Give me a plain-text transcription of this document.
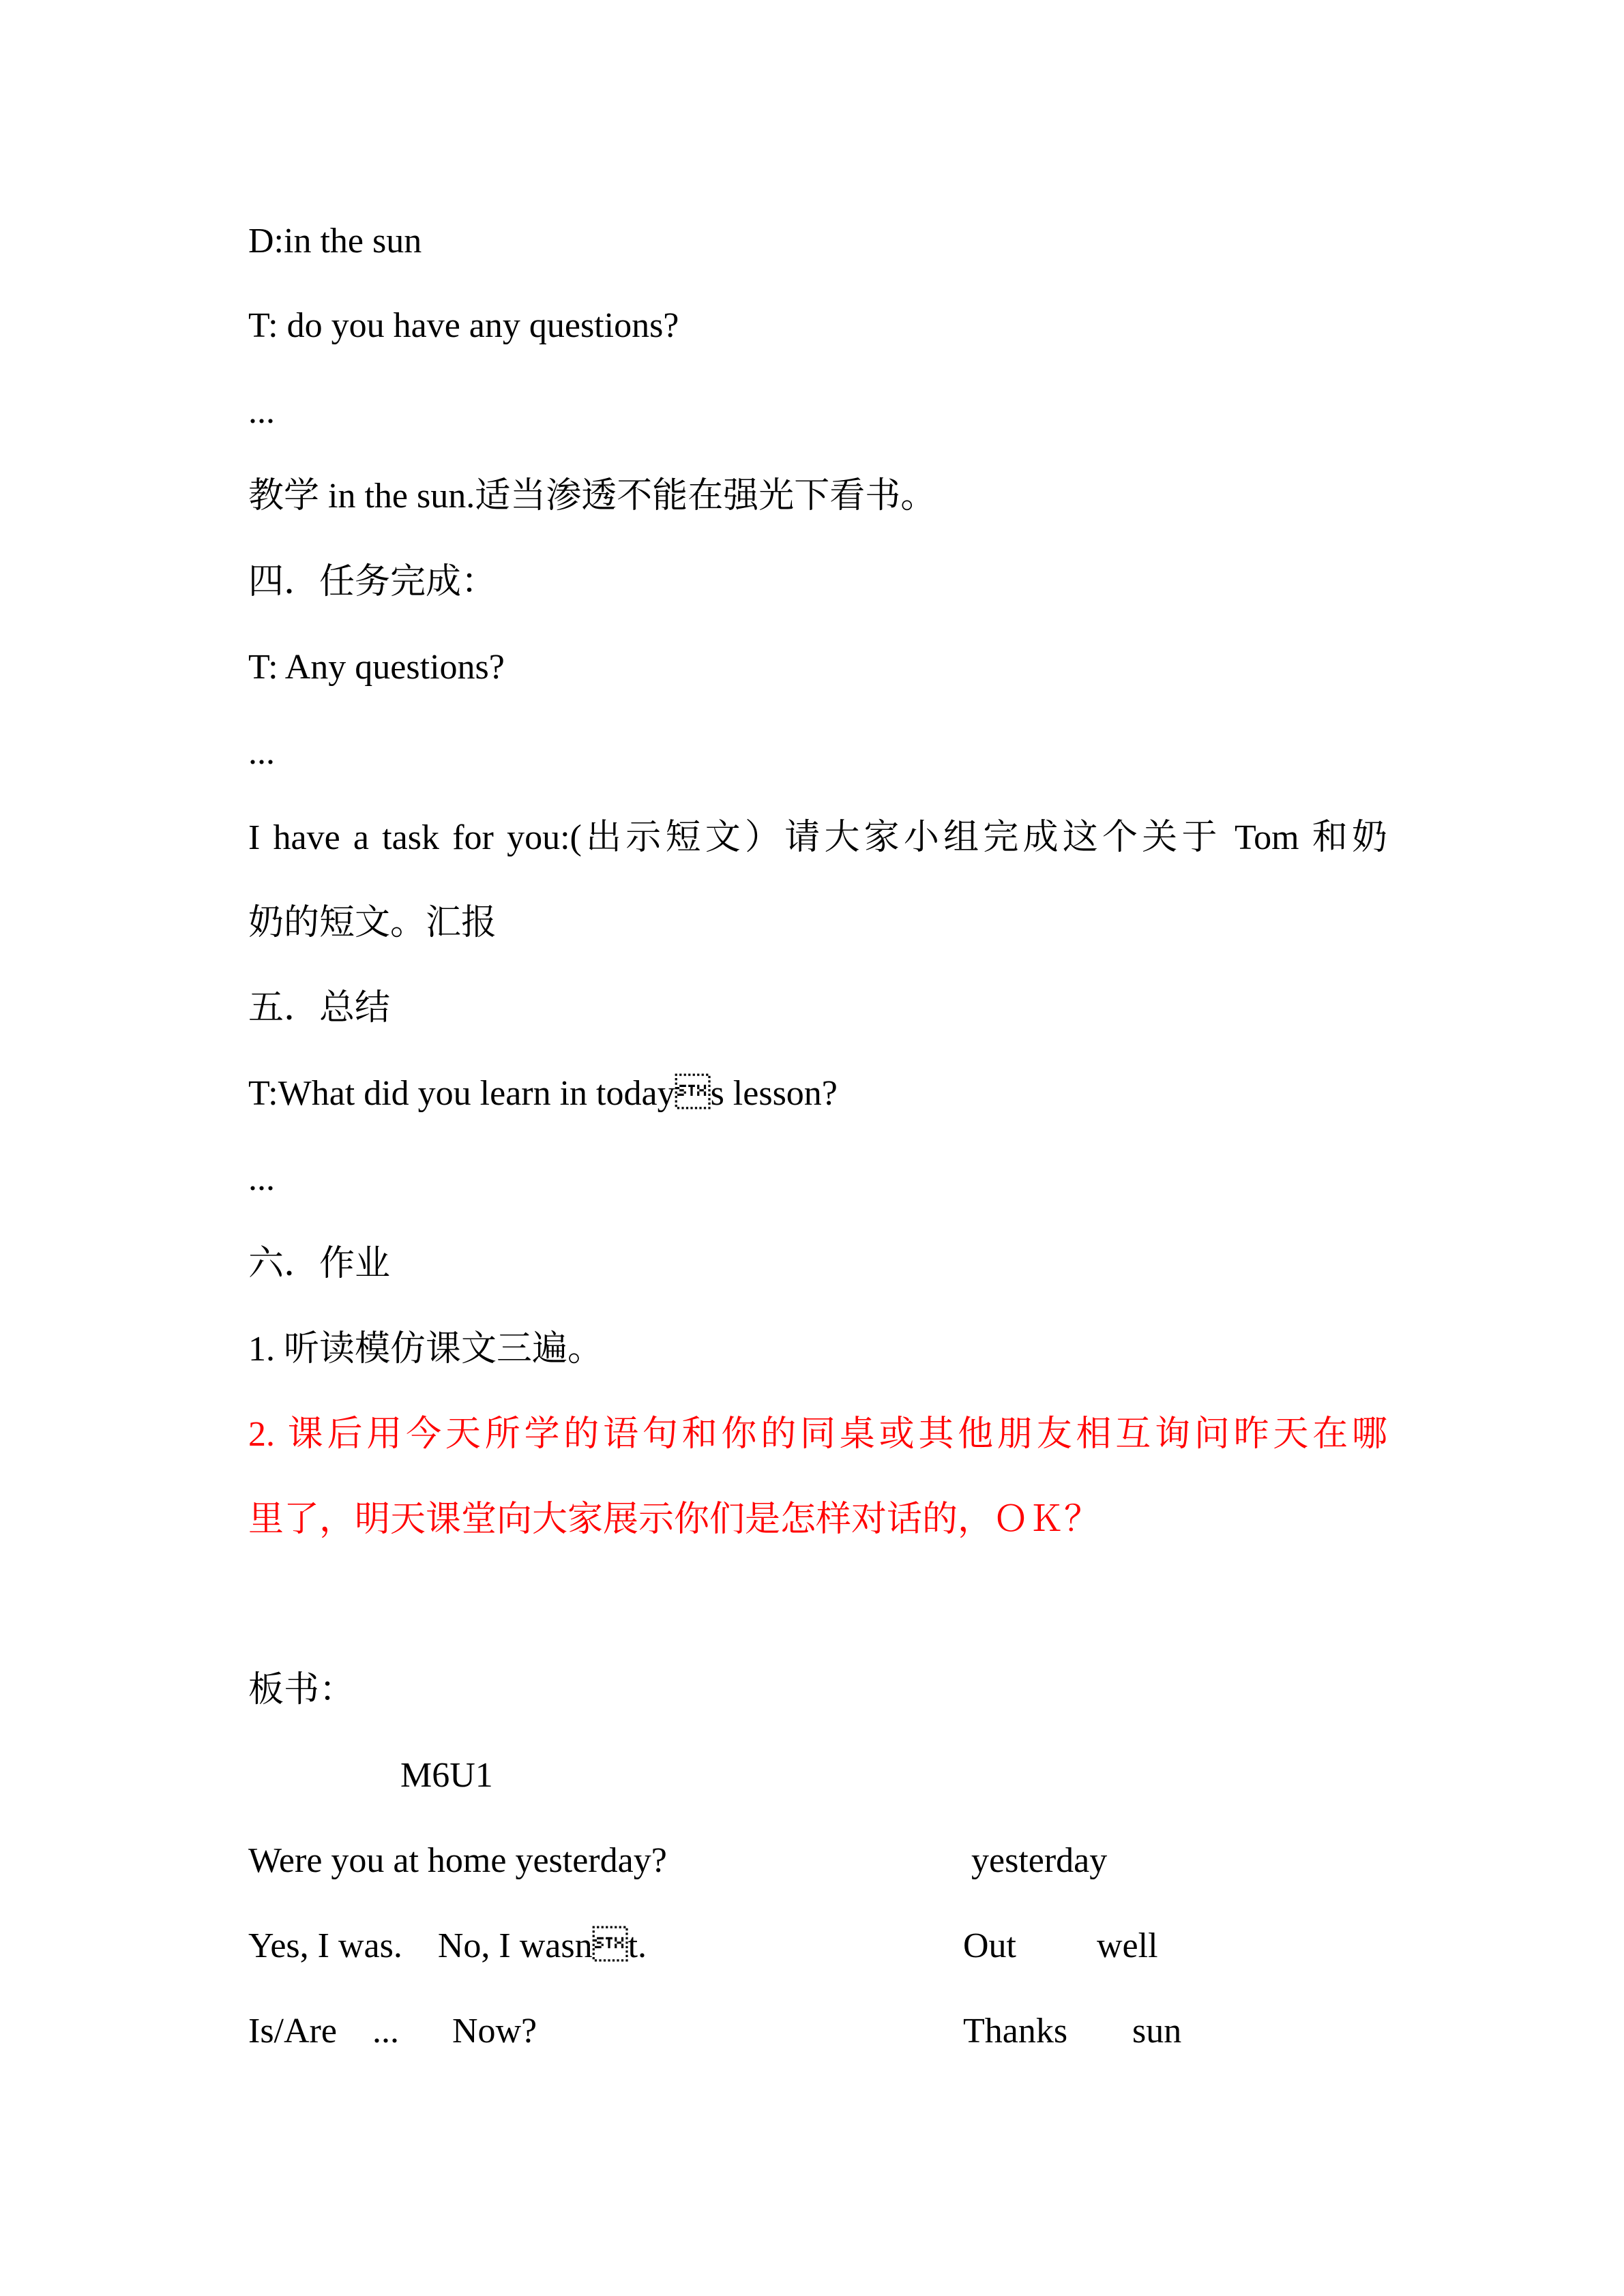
D:in the sun
T: do you have any questions?
...
教学 in the sun.适当渗透不能在强光下看书。
四．任务完成：
T: Any questions?
...
I have a task for you:(出示短文）请大家小组完成这个关于 Tom 和奶
奶的短文。汇报
五．总结
T:What did you learn in todays lesson?
...
六．作业
1. 听读模仿课文三遍。
2. 课后用今天所学的语句和你的同桌或其他朋友相互询问昨天在哪
里了，明天课堂向大家展示你们是怎样对话的，ＯＫ？
板书：
M6U1
Were you at home yesterday?
Yes, I was.    No, I wasnt.
Is/Are    ...      Now?
yesterday
Out
Thanks
well
sun
